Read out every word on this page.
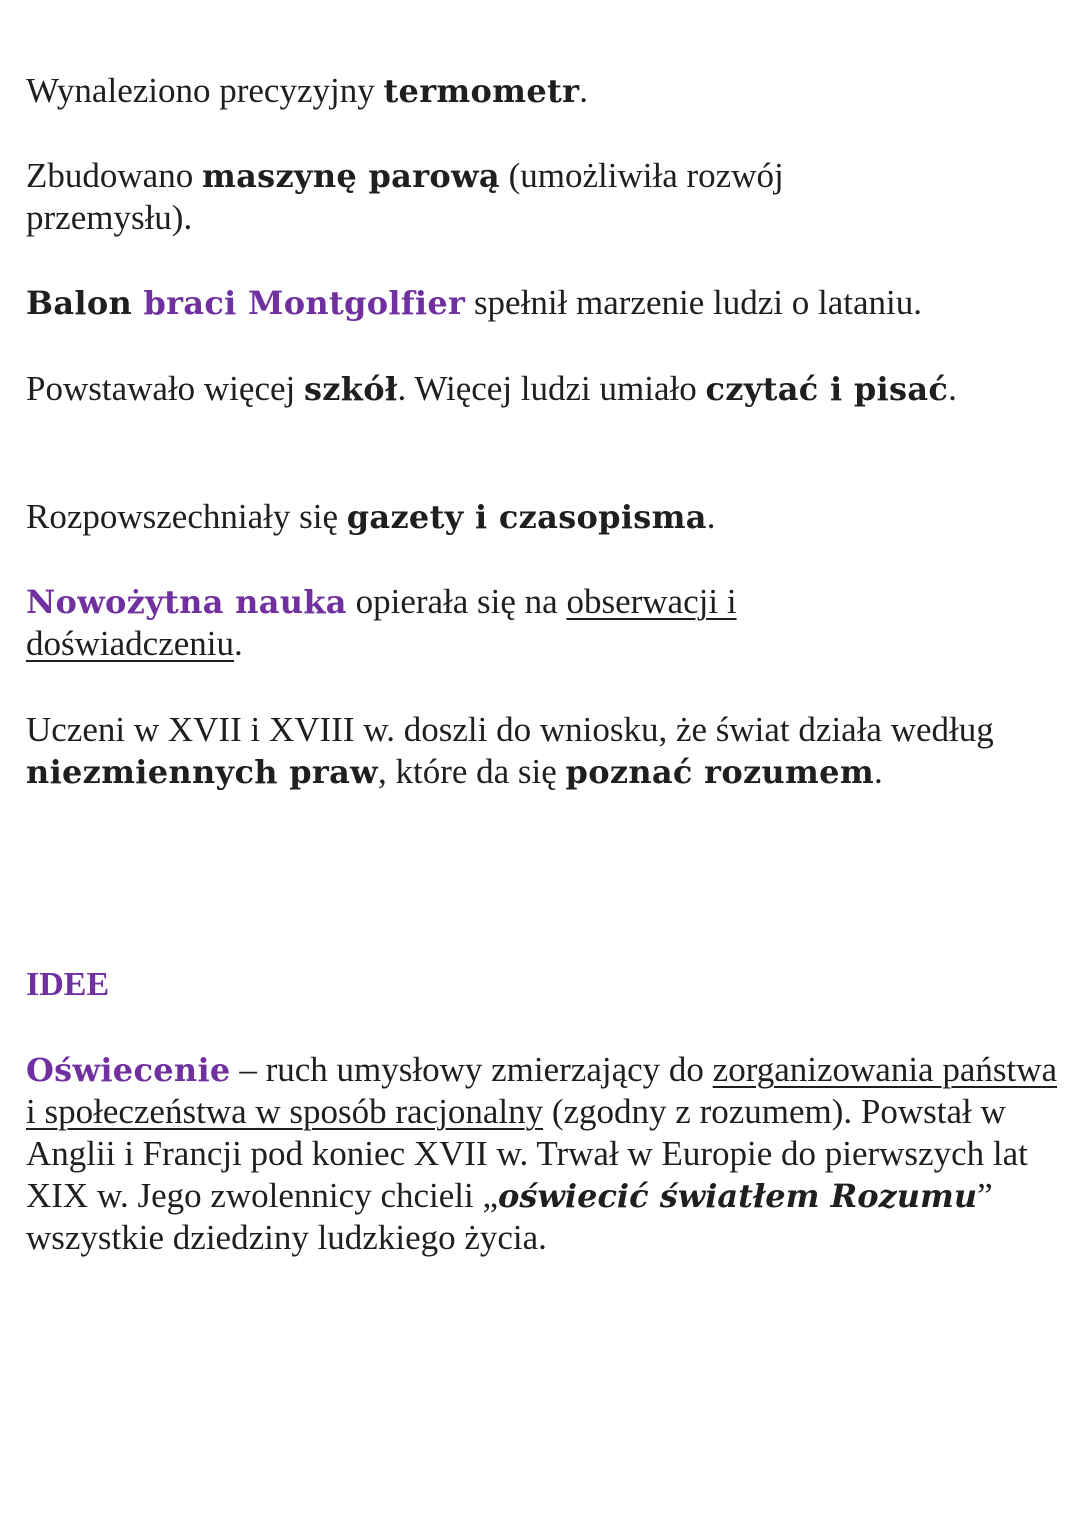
Wynaleziono precyzyjny termometr.

Zbudowano maszynę parową (umożliwiła rozwój przemysłu).

Balon braci Montgolfier spełnił marzenie ludzi o lataniu.

Powstawało więcej szkół. Więcej ludzi umiało czytać i pisać.

Rozpowszechniały się gazety i czasopisma.

Nowożytna nauka opierała się na obserwacji i doświadczeniu.

Uczeni w XVII i XVIII w. doszli do wniosku, że świat działa według niezmiennych praw, które da się poznać rozumem.

IDEE

Oświecenie – ruch umysłowy zmierzający do zorganizowania państwa i społeczeństwa w sposób racjonalny (zgodny z rozumem). Powstał w Anglii i Francji pod koniec XVII w. Trwał w Europie do pierwszych lat XIX w. Jego zwolennicy chcieli „oświecić światłem Rozumu” wszystkie dziedziny ludzkiego życia.
